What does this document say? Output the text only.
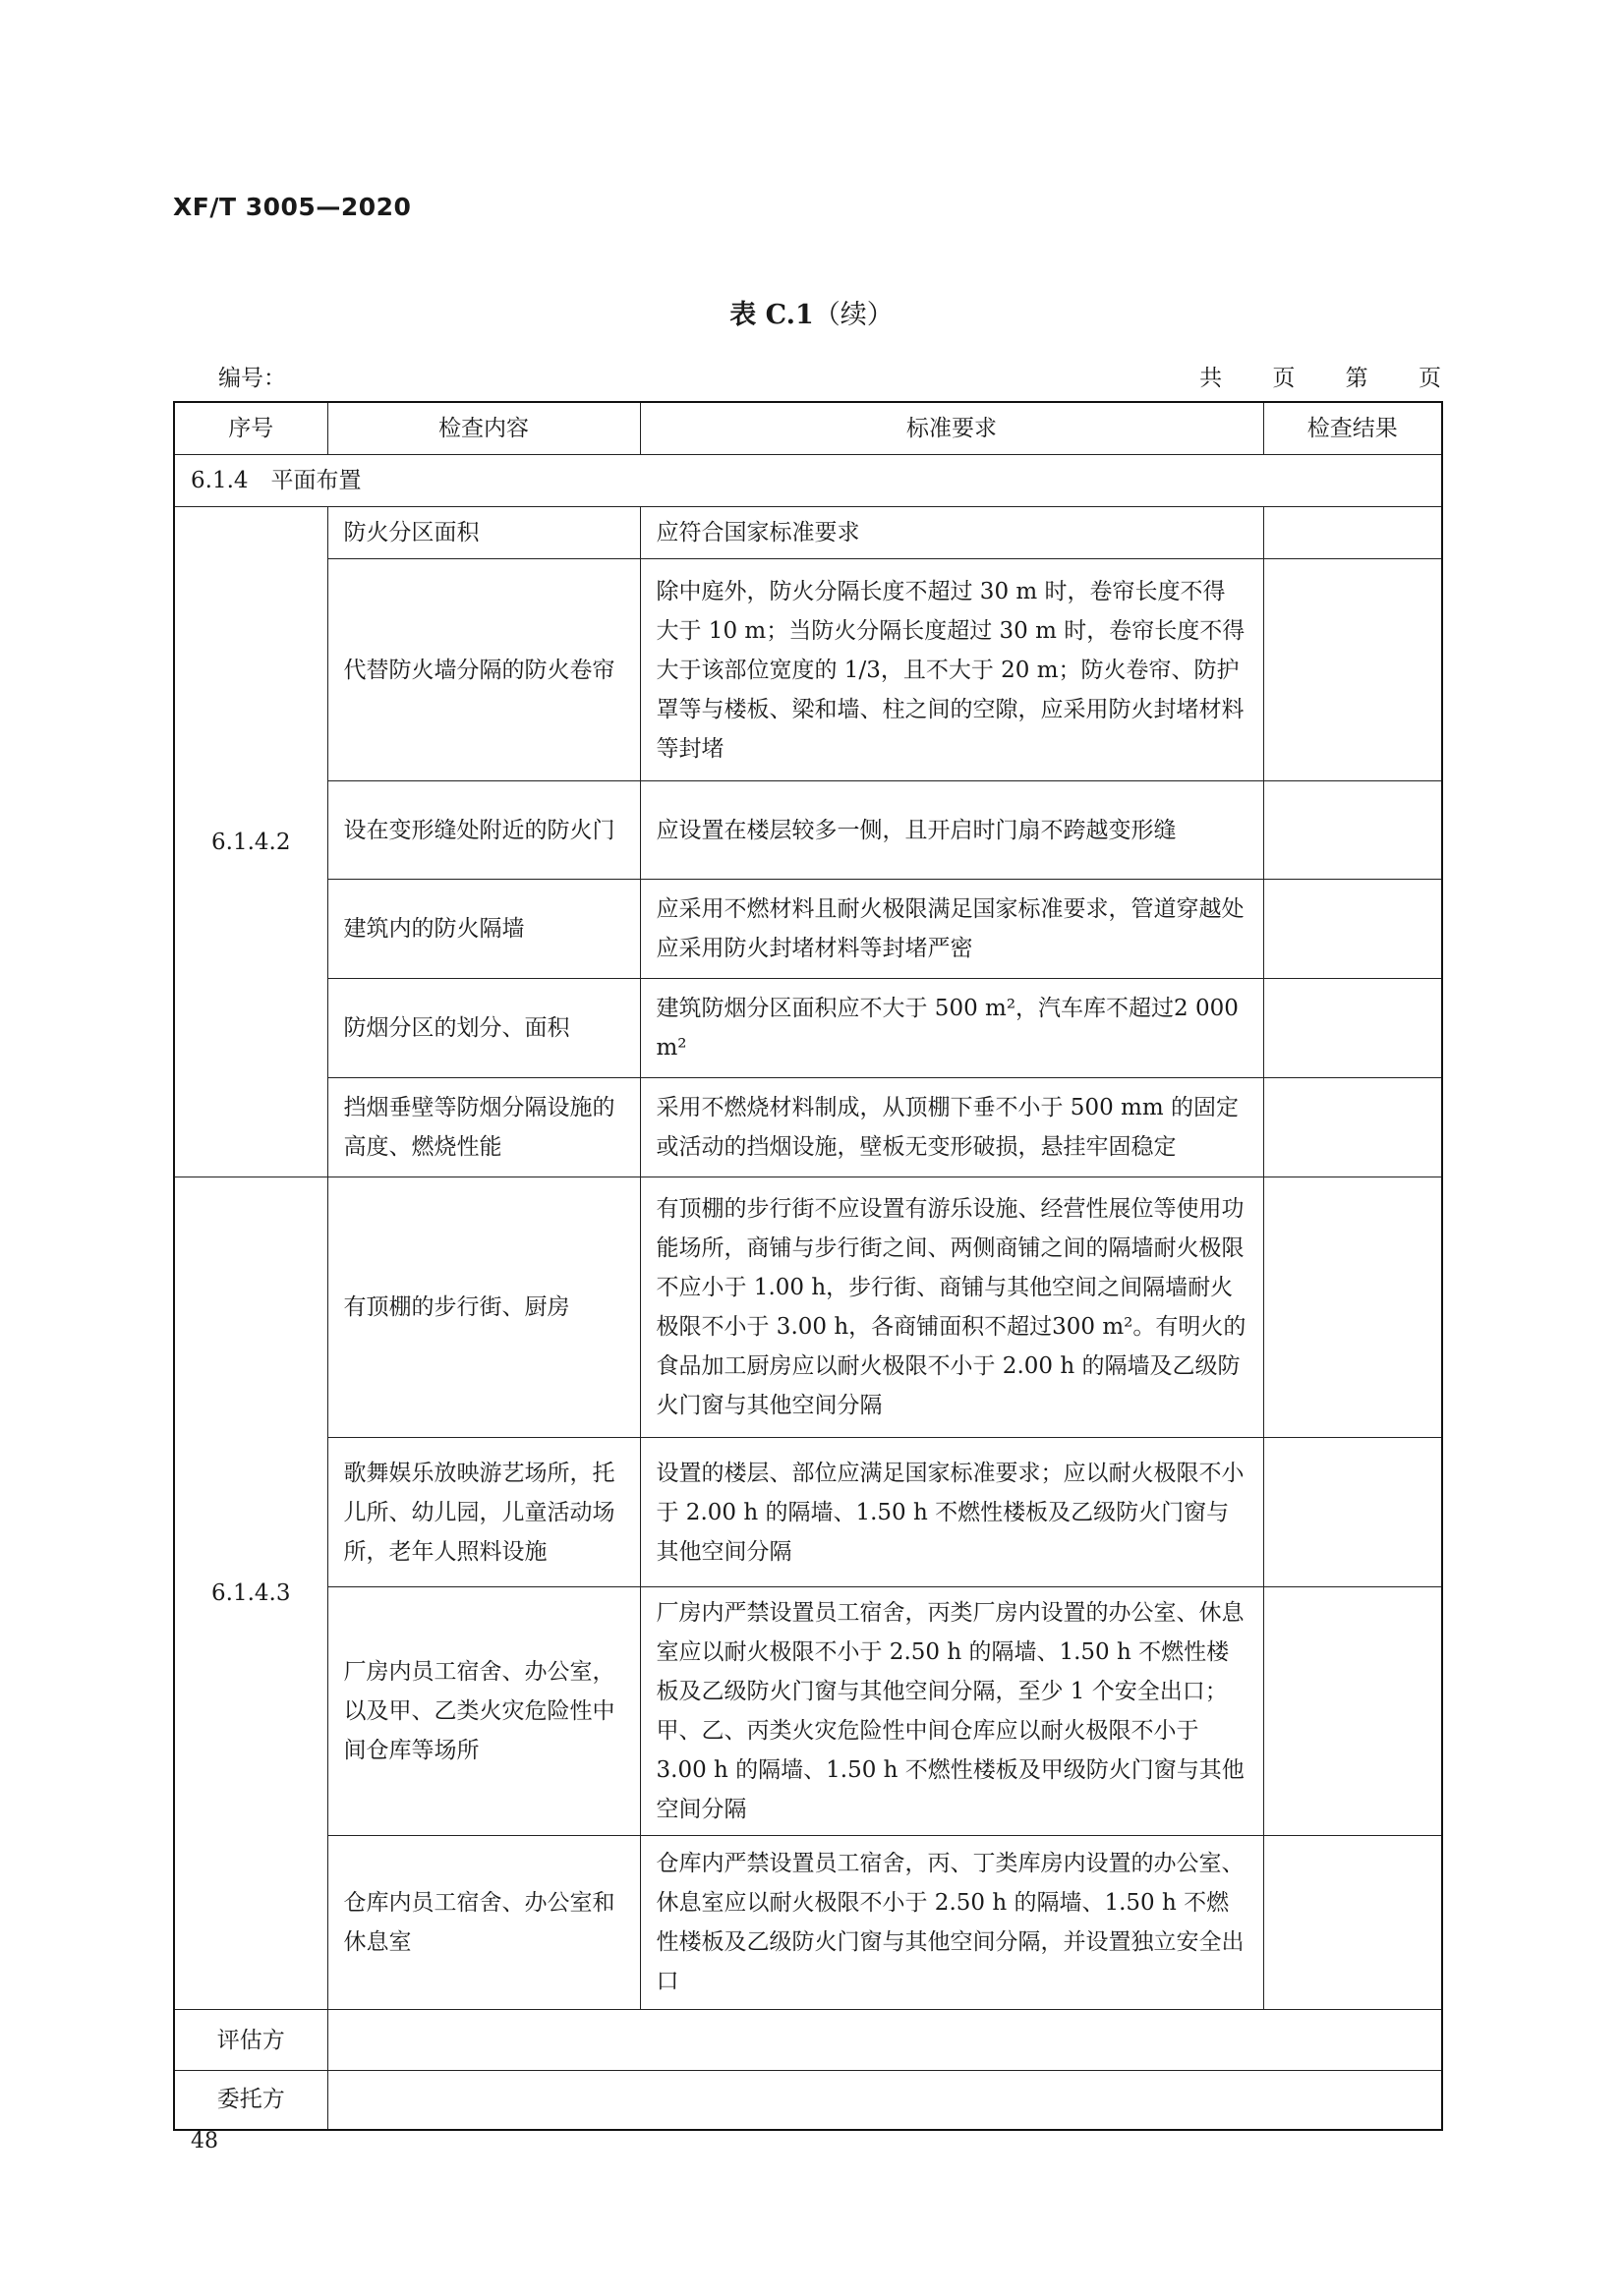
XF/T 3005—2020
表 C.1（续）
编号：	共 页 第 页
序号	检查内容	标准要求	检查结果
6.1.4　平面布置			
6.1.4.2	防火分区面积	应符合国家标准要求	
	代替防火墙分隔的防火卷帘	除中庭外，防火分隔长度不超过 30 m 时，卷帘长度不得大于 10 m；当防火分隔长度超过 30 m 时，卷帘长度不得大于该部位宽度的 1/3，且不大于 20 m；防火卷帘、防护罩等与楼板、梁和墙、柱之间的空隙，应采用防火封堵材料等封堵	
	设在变形缝处附近的防火门	应设置在楼层较多一侧，且开启时门扇不跨越变形缝	
	建筑内的防火隔墙	应采用不燃材料且耐火极限满足国家标准要求，管道穿越处应采用防火封堵材料等封堵严密	
	防烟分区的划分、面积	建筑防烟分区面积应不大于 500 m²，汽车库不超过2 000 m²	
	挡烟垂壁等防烟分隔设施的高度、燃烧性能	采用不燃烧材料制成，从顶棚下垂不小于 500 mm 的固定或活动的挡烟设施，壁板无变形破损，悬挂牢固稳定	
6.1.4.3	有顶棚的步行街、厨房	有顶棚的步行街不应设置有游乐设施、经营性展位等使用功能场所，商铺与步行街之间、两侧商铺之间的隔墙耐火极限不应小于 1.00 h，步行街、商铺与其他空间之间隔墙耐火极限不小于 3.00 h，各商铺面积不超过300 m²。有明火的食品加工厨房应以耐火极限不小于 2.00 h 的隔墙及乙级防火门窗与其他空间分隔	
	歌舞娱乐放映游艺场所，托儿所、幼儿园，儿童活动场所，老年人照料设施	设置的楼层、部位应满足国家标准要求；应以耐火极限不小于 2.00 h 的隔墙、1.50 h 不燃性楼板及乙级防火门窗与其他空间分隔	
	厂房内员工宿舍、办公室，以及甲、乙类火灾危险性中间仓库等场所	厂房内严禁设置员工宿舍，丙类厂房内设置的办公室、休息室应以耐火极限不小于 2.50 h 的隔墙、1.50 h 不燃性楼板及乙级防火门窗与其他空间分隔，至少 1 个安全出口；甲、乙、丙类火灾危险性中间仓库应以耐火极限不小于 3.00 h 的隔墙、1.50 h 不燃性楼板及甲级防火门窗与其他空间分隔	
	仓库内员工宿舍、办公室和休息室	仓库内严禁设置员工宿舍，丙、丁类库房内设置的办公室、休息室应以耐火极限不小于 2.50 h 的隔墙、1.50 h 不燃性楼板及乙级防火门窗与其他空间分隔，并设置独立安全出口	
评估方			
委托方			
48
